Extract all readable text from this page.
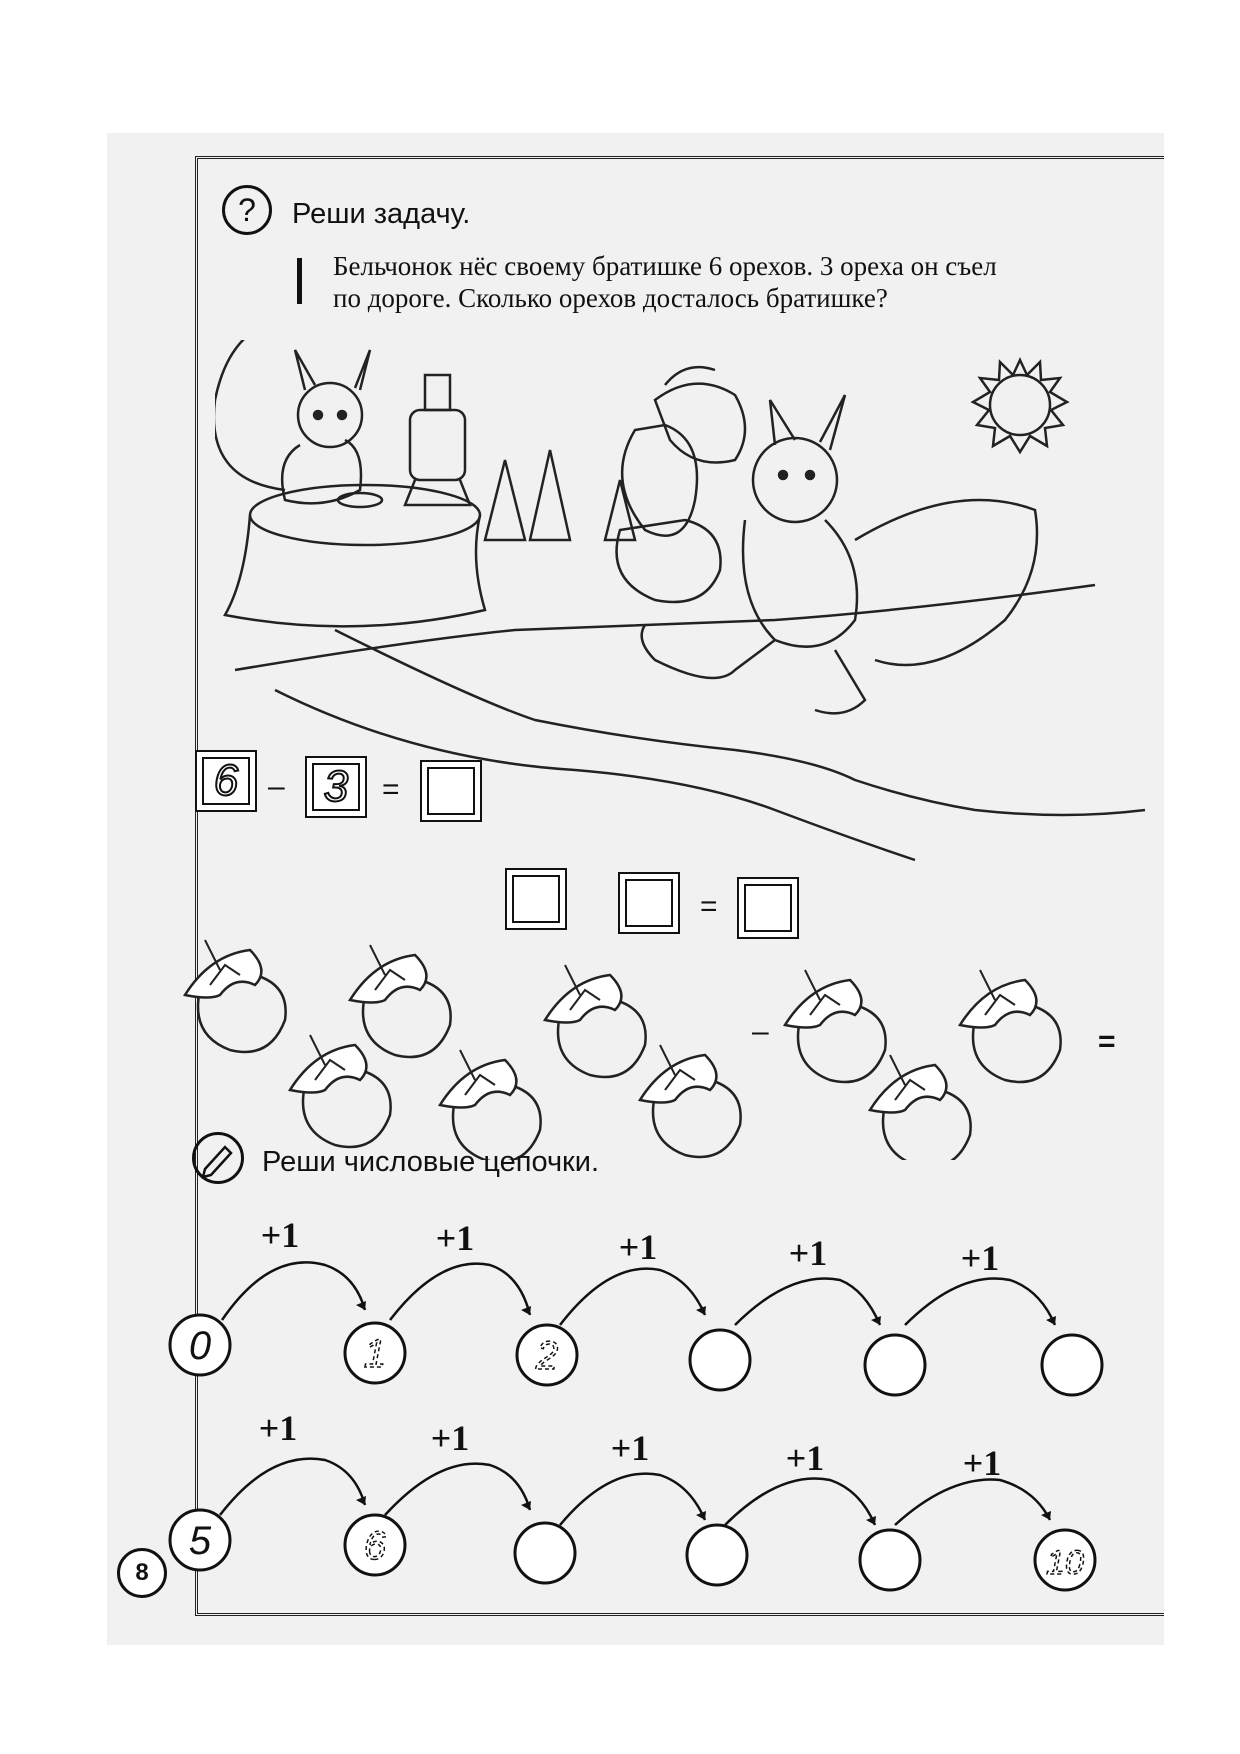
?	Реши задачу.
Бельчонок нёс своему братишке 6 орехов. 3 ореха он съел
по дороге. Сколько орехов досталось братишке?
6 – 3	=
=
–	=
Реши числовые цепочки.
+1	+1	+1	+1	+1
+1	+1	+1	+1	+1
0	1	2
5	6	10
8
